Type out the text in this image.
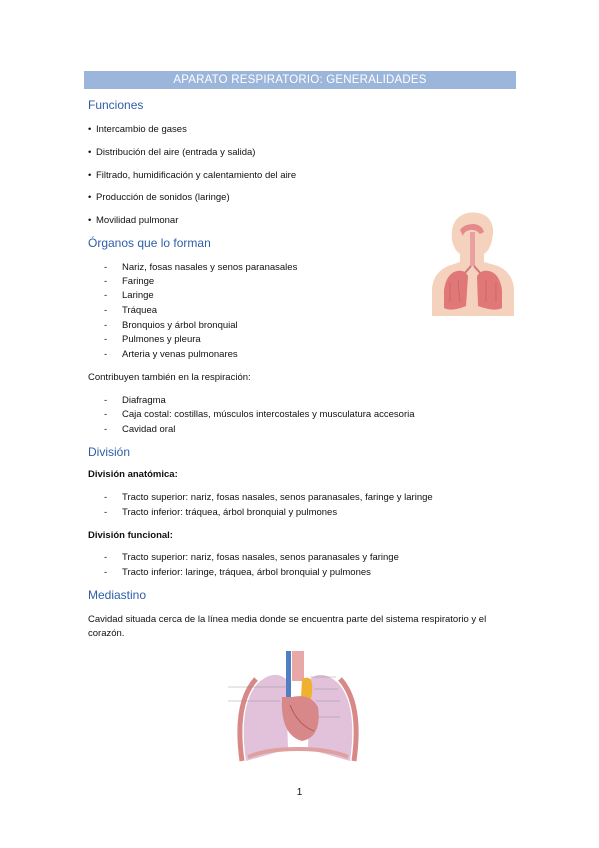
APARATO RESPIRATORIO: GENERALIDADES
Funciones
• Intercambio de gases
• Distribución del aire (entrada y salida)
• Filtrado, humidificación y calentamiento del aire
• Producción de sonidos (laringe)
• Movilidad pulmonar
Órganos que lo forman
-	Nariz, fosas nasales y senos paranasales
-	Faringe
-	Laringe
-	Tráquea
-	Bronquios y árbol bronquial
-	Pulmones y pleura
-	Arteria y venas pulmonares
Contribuyen también en la respiración:
-	Diafragma
-	Caja costal: costillas, músculos intercostales y musculatura accesoria
-	Cavidad oral
División
División anatómica:
-	Tracto superior: nariz, fosas nasales, senos paranasales, faringe y laringe
-	Tracto inferior: tráquea, árbol bronquial y pulmones
División funcional:
-	Tracto superior: nariz, fosas nasales, senos paranasales y faringe
-	Tracto inferior: laringe, tráquea, árbol bronquial y pulmones
Mediastino
Cavidad situada cerca de la línea media donde se encuentra parte del sistema respiratorio y el
corazón.
1
